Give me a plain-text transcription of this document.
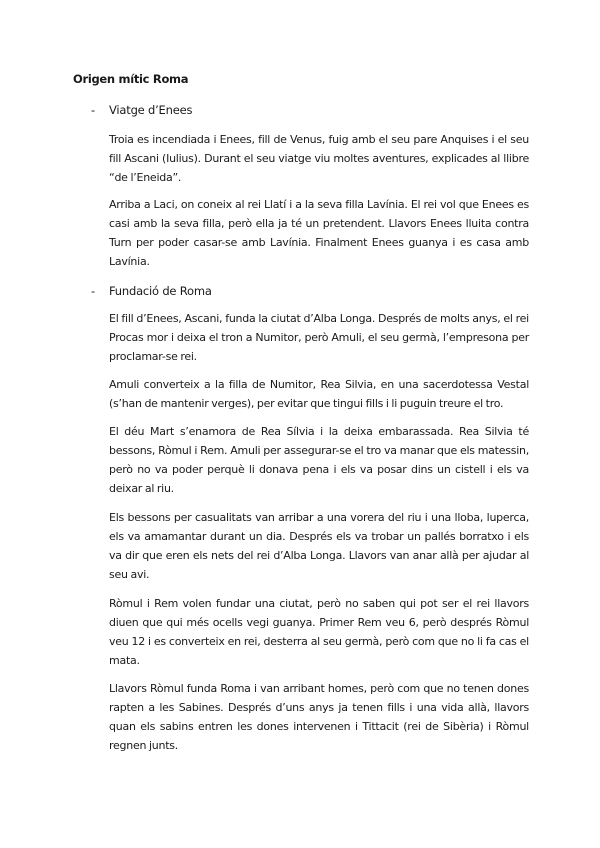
Origen mític Roma
- Viatge d’Enees

Troia es incendiada i Enees, fill de Venus, fuig amb el seu pare Anquises i el seu fill Ascani (Iulius). Durant el seu viatge viu moltes aventures, explicades al llibre “de l’Eneida”.

Arriba a Laci, on coneix al rei Llatí i a la seva filla Lavínia. El rei vol que Enees es casi amb la seva filla, però ella ja té un pretendent. Llavors Enees lluita contra Turn per poder casar-se amb Lavínia. Finalment Enees guanya i es casa amb Lavínia.

- Fundació de Roma

El fill d’Enees, Ascani, funda la ciutat d’Alba Longa. Després de molts anys, el rei Procas mor i deixa el tron a Numitor, però Amuli, el seu germà, l’empresona per proclamar-se rei.

Amuli converteix a la filla de Numitor, Rea Silvia, en una sacerdotessa Vestal (s’han de mantenir verges), per evitar que tingui fills i li puguin treure el tro.

El déu Mart s’enamora de Rea Sílvia i la deixa embarassada. Rea Silvia té bessons, Ròmul i Rem. Amuli per assegurar-se el tro va manar que els matessin, però no va poder perquè li donava pena i els va posar dins un cistell i els va deixar al riu.

Els bessons per casualitats van arribar a una vorera del riu i una lloba, luperca, els va amamantar durant un dia. Després els va trobar un pallés borratxo i els va dir que eren els nets del rei d’Alba Longa. Llavors van anar allà per ajudar al seu avi.

Ròmul i Rem volen fundar una ciutat, però no saben qui pot ser el rei llavors diuen que qui més ocells vegi guanya. Primer Rem veu 6, però després Ròmul veu 12 i es converteix en rei, desterra al seu germà, però com que no li fa cas el mata.

Llavors Ròmul funda Roma i van arribant homes, però com que no tenen dones rapten a les Sabines. Després d’uns anys ja tenen fills i una vida allà, llavors quan els sabins entren les dones intervenen i Tittacit (rei de Sibèria) i Ròmul regnen junts.
